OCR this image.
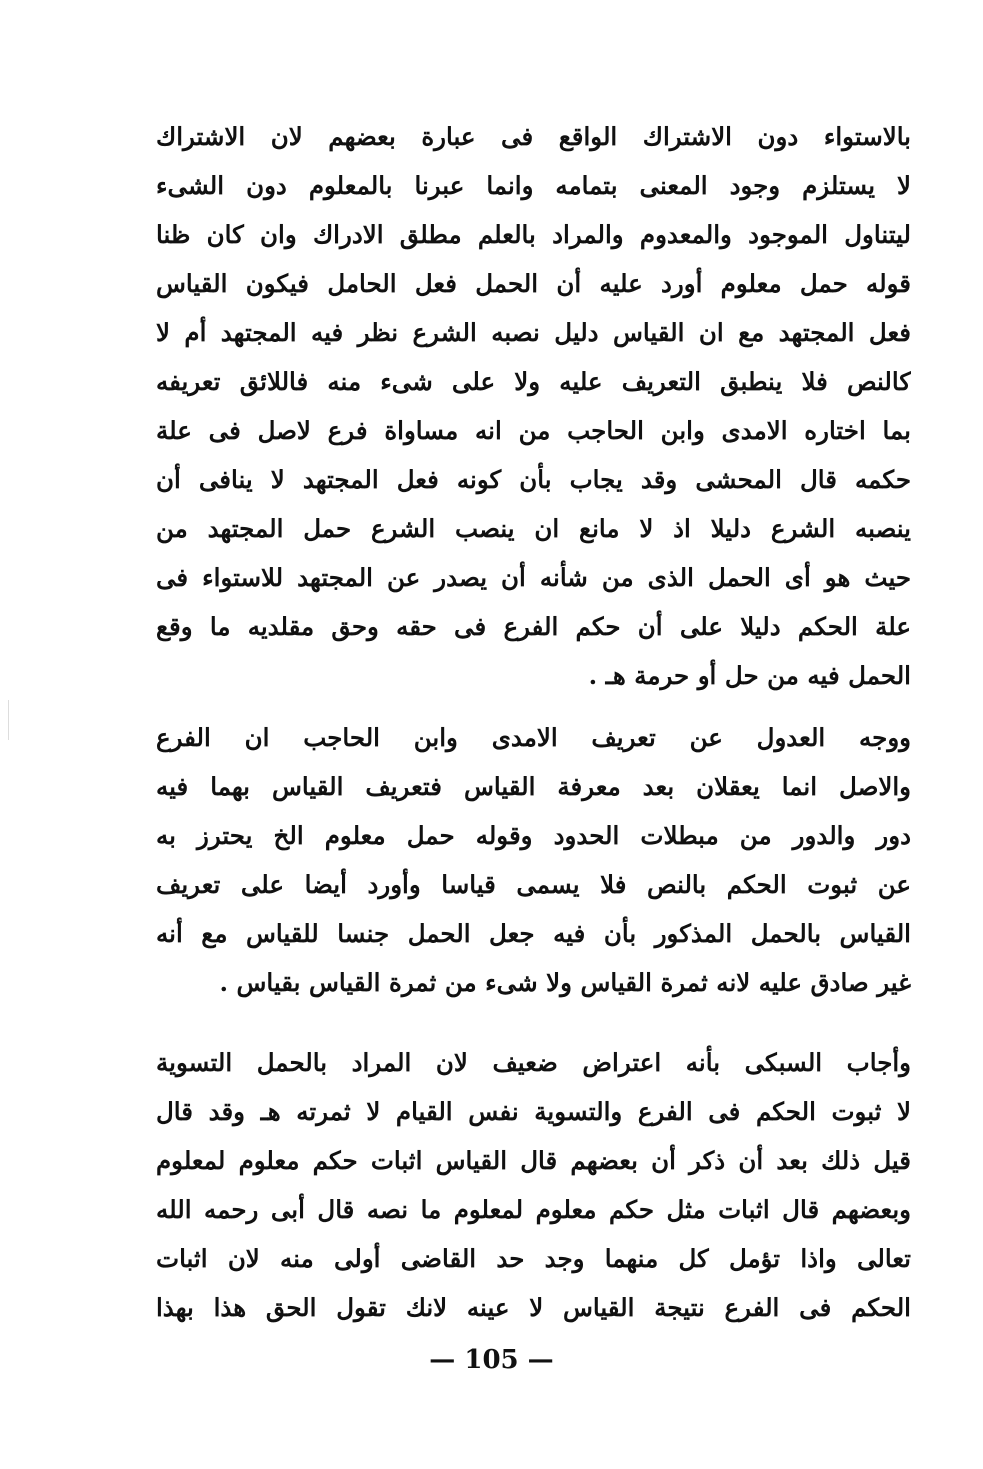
بالاستواء دون الاشتراك الواقع فى عبارة بعضهم لان الاشتراك
لا يستلزم وجود المعنى بتمامه وانما عبرنا بالمعلوم دون الشىء
ليتناول الموجود والمعدوم والمراد بالعلم مطلق الادراك وان كان ظنا
قوله حمل معلوم أورد عليه أن الحمل فعل الحامل فيكون القياس
فعل المجتهد مع ان القياس دليل نصبه الشرع نظر فيه المجتهد أم لا
كالنص فلا ينطبق التعريف عليه ولا على شىء منه فاللائق تعريفه
بما اختاره الامدى وابن الحاجب من انه مساواة فرع لاصل فى علة
حكمه قال المحشى وقد يجاب بأن كونه فعل المجتهد لا ينافى أن
ينصبه الشرع دليلا اذ لا مانع ان ينصب الشرع حمل المجتهد من
حيث هو أى الحمل الذى من شأنه أن يصدر عن المجتهد للاستواء فى
علة الحكم دليلا على أن حكم الفرع فى حقه وحق مقلديه ما وقع
الحمل فيه من حل أو حرمة هـ .
ووجه العدول عن تعريف الامدى وابن الحاجب ان الفرع
والاصل انما يعقلان بعد معرفة القياس فتعريف القياس بهما فيه
دور والدور من مبطلات الحدود وقوله حمل معلوم الخ يحترز به
عن ثبوت الحكم بالنص فلا يسمى قياسا وأورد أيضا على تعريف
القياس بالحمل المذكور بأن فيه جعل الحمل جنسا للقياس مع أنه
غير صادق عليه لانه ثمرة القياس ولا شىء من ثمرة القياس بقياس .
وأجاب السبكى بأنه اعتراض ضعيف لان المراد بالحمل التسوية
لا ثبوت الحكم فى الفرع والتسوية نفس القيام لا ثمرته هـ وقد قال
قيل ذلك بعد أن ذكر أن بعضهم قال القياس اثبات حكم معلوم لمعلوم
وبعضهم قال اثبات مثل حكم معلوم لمعلوم ما نصه قال أبى رحمه الله
تعالى واذا تؤمل كل منهما وجد حد القاضى أولى منه لان اثبات
الحكم فى الفرع نتيجة القياس لا عينه لانك تقول الحق هذا بهذا
— 105 —
